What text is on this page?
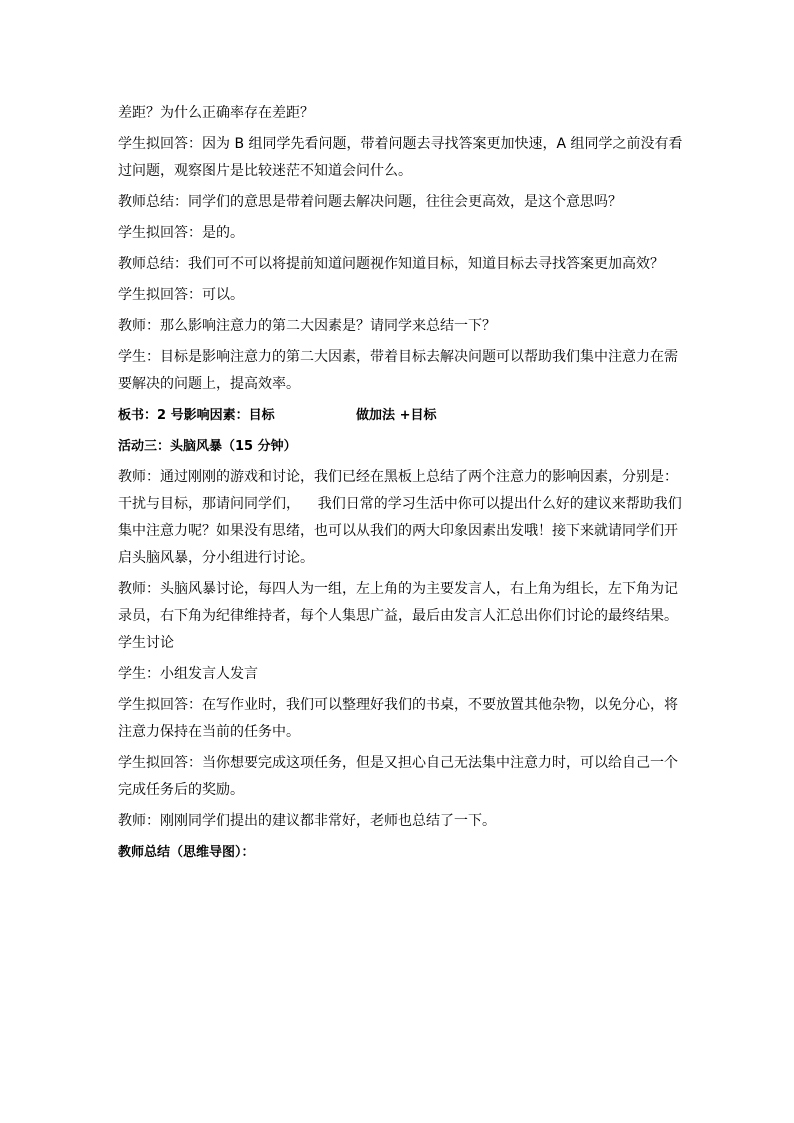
差距？为什么正确率存在差距？
学生拟回答：因为 B 组同学先看问题，带着问题去寻找答案更加快速，A 组同学之前没有看
过问题，观察图片是比较迷茫不知道会问什么。
教师总结：同学们的意思是带着问题去解决问题，往往会更高效，是这个意思吗？
学生拟回答：是的。
教师总结：我们可不可以将提前知道问题视作知道目标，知道目标去寻找答案更加高效？
学生拟回答：可以。
教师：那么影响注意力的第二大因素是？请同学来总结一下？
学生：目标是影响注意力的第二大因素，带着目标去解决问题可以帮助我们集中注意力在需
要解决的问题上，提高效率。
板书：2 号影响因素：目标                  做加法 +目标
活动三：头脑风暴（15 分钟）
教师：通过刚刚的游戏和讨论，我们已经在黑板上总结了两个注意力的影响因素，分别是：
干扰与目标，那请问同学们，    我们日常的学习生活中你可以提出什么好的建议来帮助我们
集中注意力呢？如果没有思绪，也可以从我们的两大印象因素出发哦！接下来就请同学们开
启头脑风暴，分小组进行讨论。
教师：头脑风暴讨论，每四人为一组，左上角的为主要发言人，右上角为组长，左下角为记
录员，右下角为纪律维持者，每个人集思广益，最后由发言人汇总出你们讨论的最终结果。
学生讨论
学生：小组发言人发言
学生拟回答：在写作业时，我们可以整理好我们的书桌，不要放置其他杂物，以免分心，将
注意力保持在当前的任务中。
学生拟回答：当你想要完成这项任务，但是又担心自己无法集中注意力时，可以给自己一个
完成任务后的奖励。
教师：刚刚同学们提出的建议都非常好，老师也总结了一下。
教师总结（思维导图）：
